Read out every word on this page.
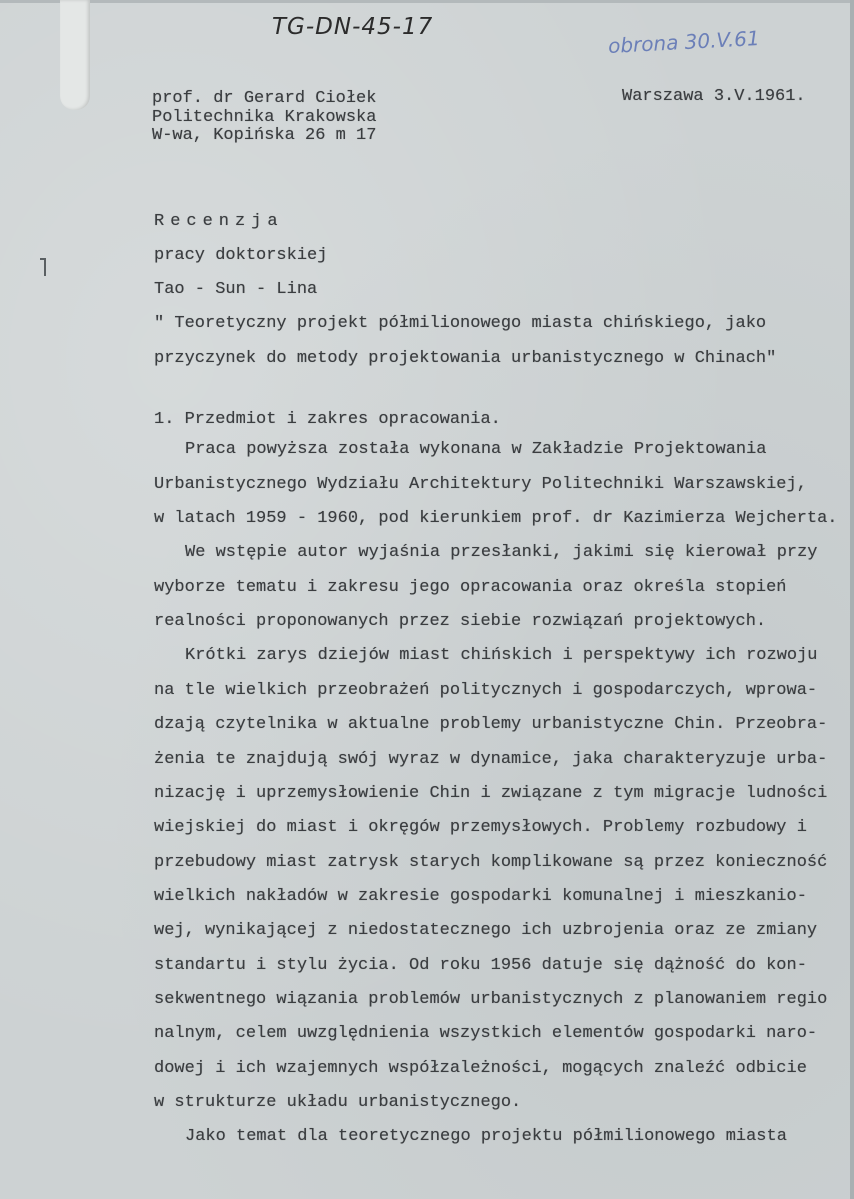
TG-DN-45-17	obrona 30.V.61
prof. dr Gerard Ciołek
Politechnika Krakowska
W-wa, Kopińska 26 m 17
Warszawa 3.V.1961.
Recenzja
pracy doktorskiej
Tao - Sun - Lina
" Teoretyczny projekt półmilionowego miasta chińskiego, jako
przyczynek do metody projektowania urbanistycznego w Chinach"
1. Przedmiot i zakres opracowania.
Praca powyższa została wykonana w Zakładzie Projektowania
Urbanistycznego Wydziału Architektury Politechniki Warszawskiej,
w latach 1959 - 1960, pod kierunkiem prof. dr Kazimierza Wejcherta.
We wstępie autor wyjaśnia przesłanki, jakimi się kierował przy
wyborze tematu i zakresu jego opracowania oraz określa stopień
realności proponowanych przez siebie rozwiązań projektowych.
Krótki zarys dziejów miast chińskich i perspektywy ich rozwoju
na tle wielkich przeobrażeń politycznych i gospodarczych, wprowa-
dzają czytelnika w aktualne problemy urbanistyczne Chin. Przeobra-
żenia te znajdują swój wyraz w dynamice, jaka charakteryzuje urba-
nizację i uprzemysłowienie Chin i związane z tym migracje ludności
wiejskiej do miast i okręgów przemysłowych. Problemy rozbudowy i
przebudowy miast zatrysk starych komplikowane są przez konieczność
wielkich nakładów w zakresie gospodarki komunalnej i mieszkanio-
wej, wynikającej z niedostatecznego ich uzbrojenia oraz ze zmiany
standartu i stylu życia. Od roku 1956 datuje się dążność do kon-
sekwentnego wiązania problemów urbanistycznych z planowaniem regio
nalnym, celem uwzględnienia wszystkich elementów gospodarki naro-
dowej i ich wzajemnych współzależności, mogących znaleźć odbicie
w strukturze układu urbanistycznego.
Jako temat dla teoretycznego projektu półmilionowego miasta
